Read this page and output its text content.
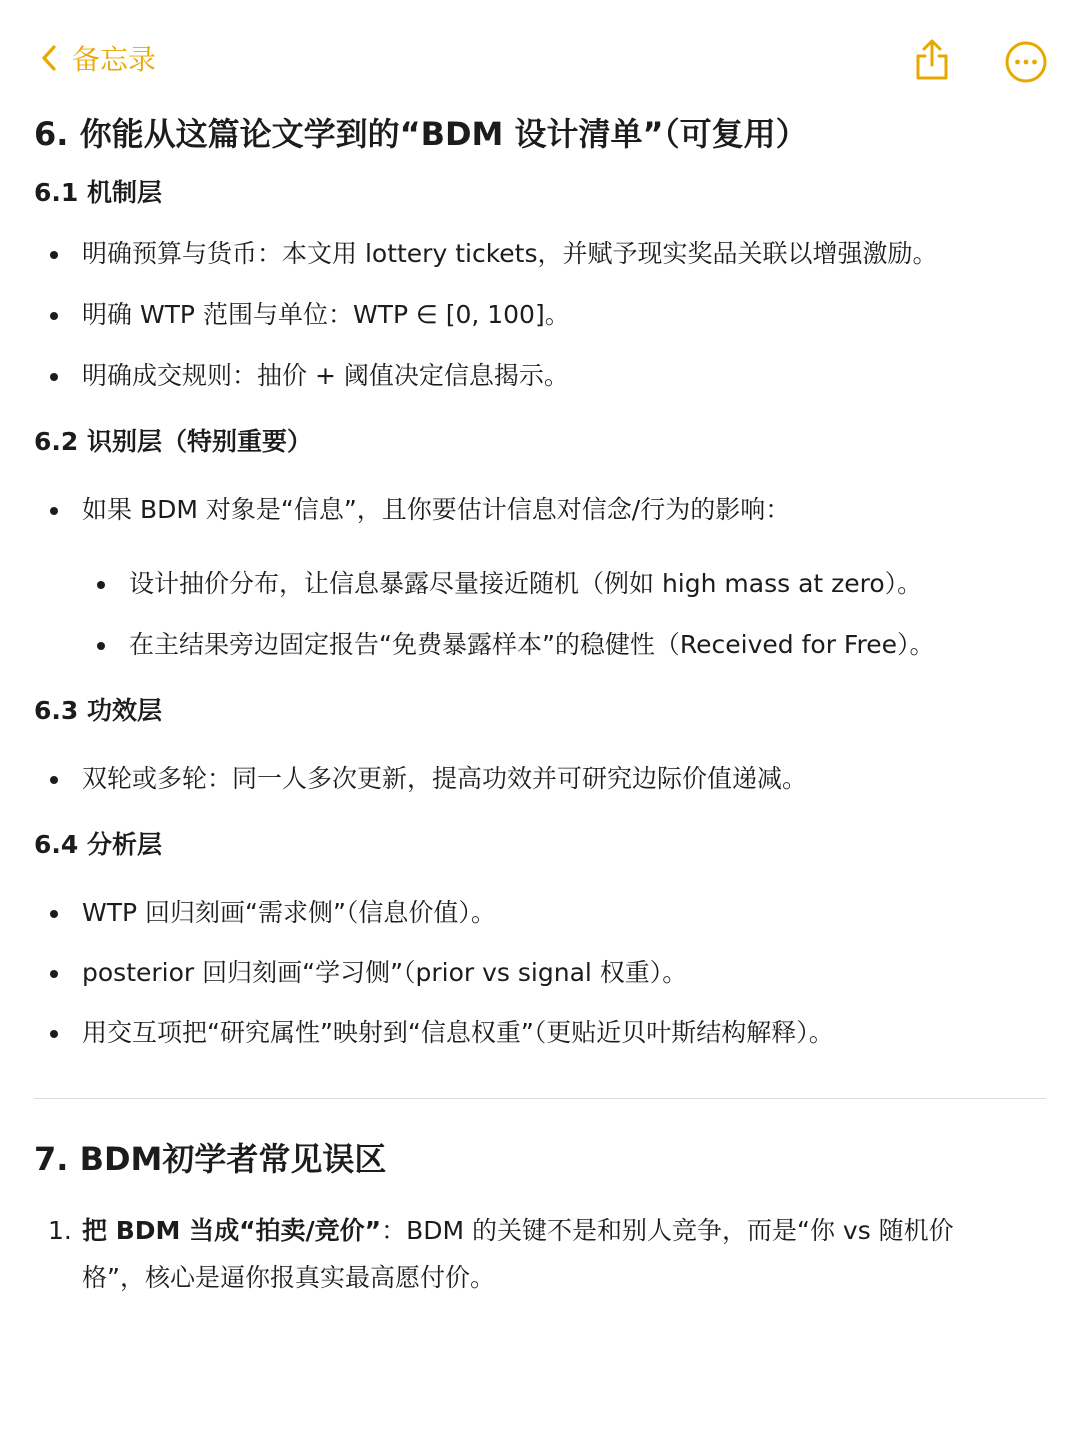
备忘录
6. 你能从这篇论文学到的“BDM 设计清单”（可复用）
6.1 机制层
明确预算与货币：本文用 lottery tickets，并赋予现实奖品关联以增强激励。
明确 WTP 范围与单位：WTP ∈ [0, 100]。
明确成交规则：抽价 + 阈值决定信息揭示。
6.2 识别层（特别重要）
如果 BDM 对象是“信息”，且你要估计信息对信念/行为的影响：
设计抽价分布，让信息暴露尽量接近随机（例如 high mass at zero）。
在主结果旁边固定报告“免费暴露样本”的稳健性（Received for Free）。
6.3 功效层
双轮或多轮：同一人多次更新，提高功效并可研究边际价值递减。
6.4 分析层
WTP 回归刻画“需求侧”（信息价值）。
posterior 回归刻画“学习侧”（prior vs signal 权重）。
用交互项把“研究属性”映射到“信息权重”（更贴近贝叶斯结构解释）。
7. BDM初学者常见误区
1. 把 BDM 当成“拍卖/竞价”：BDM 的关键不是和别人竞争，而是“你 vs 随机价
格”，核心是逼你报真实最高愿付价。
